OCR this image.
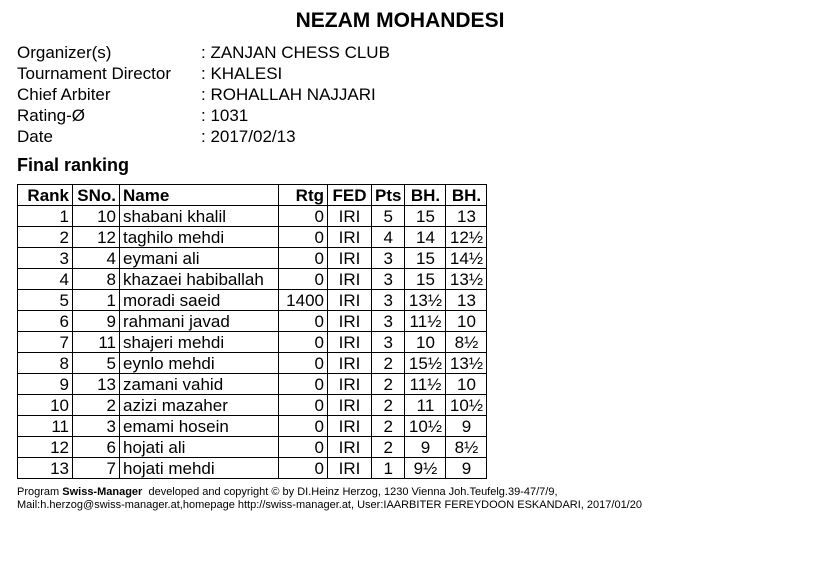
NEZAM MOHANDESI
Organizer(s)	: ZANJAN CHESS CLUB
Tournament Director	: KHALESI
Chief Arbiter	: ROHALLAH NAJJARI
Rating-Ø	: 1031
Date	: 2017/02/13
Final ranking
Rank	SNo.	Name	Rtg	FED	Pts	BH.	BH.
1	10	shabani khalil	0	IRI	5	15	13
2	12	taghilo mehdi	0	IRI	4	14	12½
3	4	eymani ali	0	IRI	3	15	14½
4	8	khazaei habiballah	0	IRI	3	15	13½
5	1	moradi saeid	1400	IRI	3	13½	13
6	9	rahmani javad	0	IRI	3	11½	10
7	11	shajeri mehdi	0	IRI	3	10	8½
8	5	eynlo mehdi	0	IRI	2	15½	13½
9	13	zamani vahid	0	IRI	2	11½	10
10	2	azizi mazaher	0	IRI	2	11	10½
11	3	emami hosein	0	IRI	2	10½	9
12	6	hojati ali	0	IRI	2	9	8½
13	7	hojati mehdi	0	IRI	1	9½	9
Program Swiss-Manager  developed and copyright © by DI.Heinz Herzog, 1230 Vienna Joh.Teufelg.39-47/7/9,
Mail:h.herzog@swiss-manager.at,homepage http://swiss-manager.at, User:IAARBITER FEREYDOON ESKANDARI, 2017/01/20
